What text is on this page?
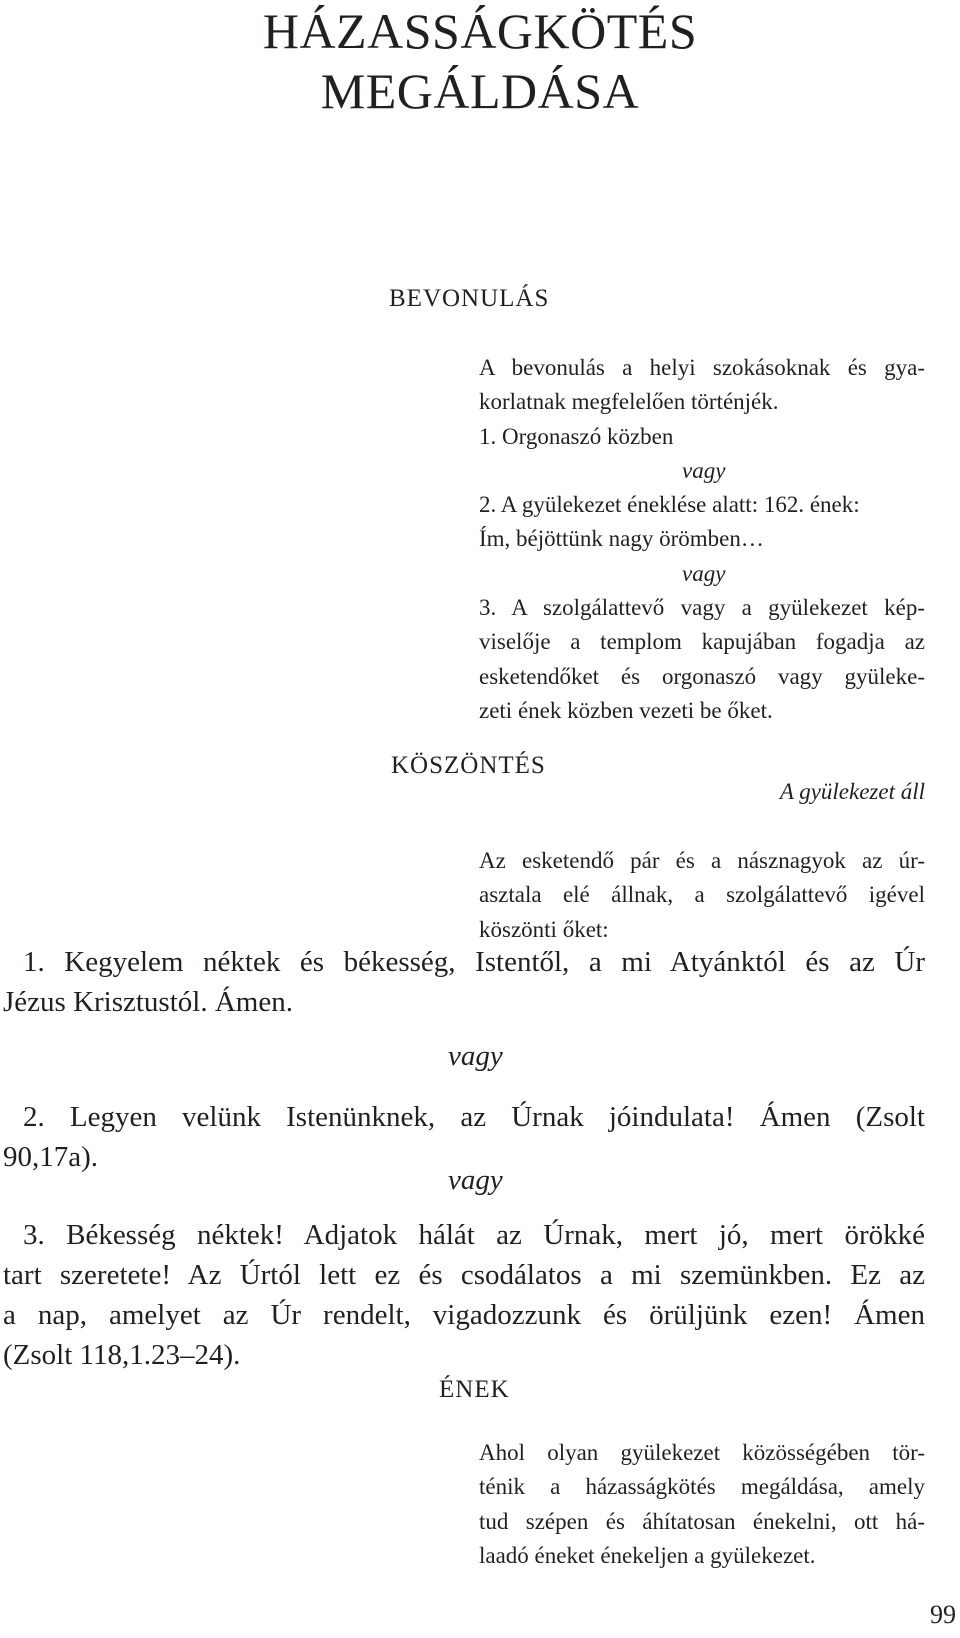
HÁZASSÁGKÖTÉS
MEGÁLDÁSA
BEVONULÁS
A bevonulás a helyi szokásoknak és gya-
korlatnak megfelelően történjék.
1. Orgonaszó közben
vagy
2. A gyülekezet éneklése alatt: 162. ének:
Ím, béjöttünk nagy örömben…
vagy
3. A szolgálattevő vagy a gyülekezet kép-
viselője a templom kapujában fogadja az
esketendőket és orgonaszó vagy gyüleke-
zeti ének közben vezeti be őket.
KÖSZÖNTÉS
A gyülekezet áll
Az esketendő pár és a násznagyok az úr-
asztala elé állnak, a szolgálattevő igével
köszönti őket:
1. Kegyelem néktek és békesség, Istentől, a mi Atyánktól és az Úr
Jézus Krisztustól. Ámen.
vagy
2. Legyen velünk Istenünknek, az Úrnak jóindulata! Ámen (Zsolt
90,17a).
vagy
3. Békesség néktek! Adjatok hálát az Úrnak, mert jó, mert örökké
tart szeretete! Az Úrtól lett ez és csodálatos a mi szemünkben. Ez az
a nap, amelyet az Úr rendelt, vigadozzunk és örüljünk ezen! Ámen
(Zsolt 118,1.23–24).
ÉNEK
Ahol olyan gyülekezet közösségében tör-
ténik a házasságkötés megáldása, amely
tud szépen és áhítatosan énekelni, ott há-
laadó éneket énekeljen a gyülekezet.
99
